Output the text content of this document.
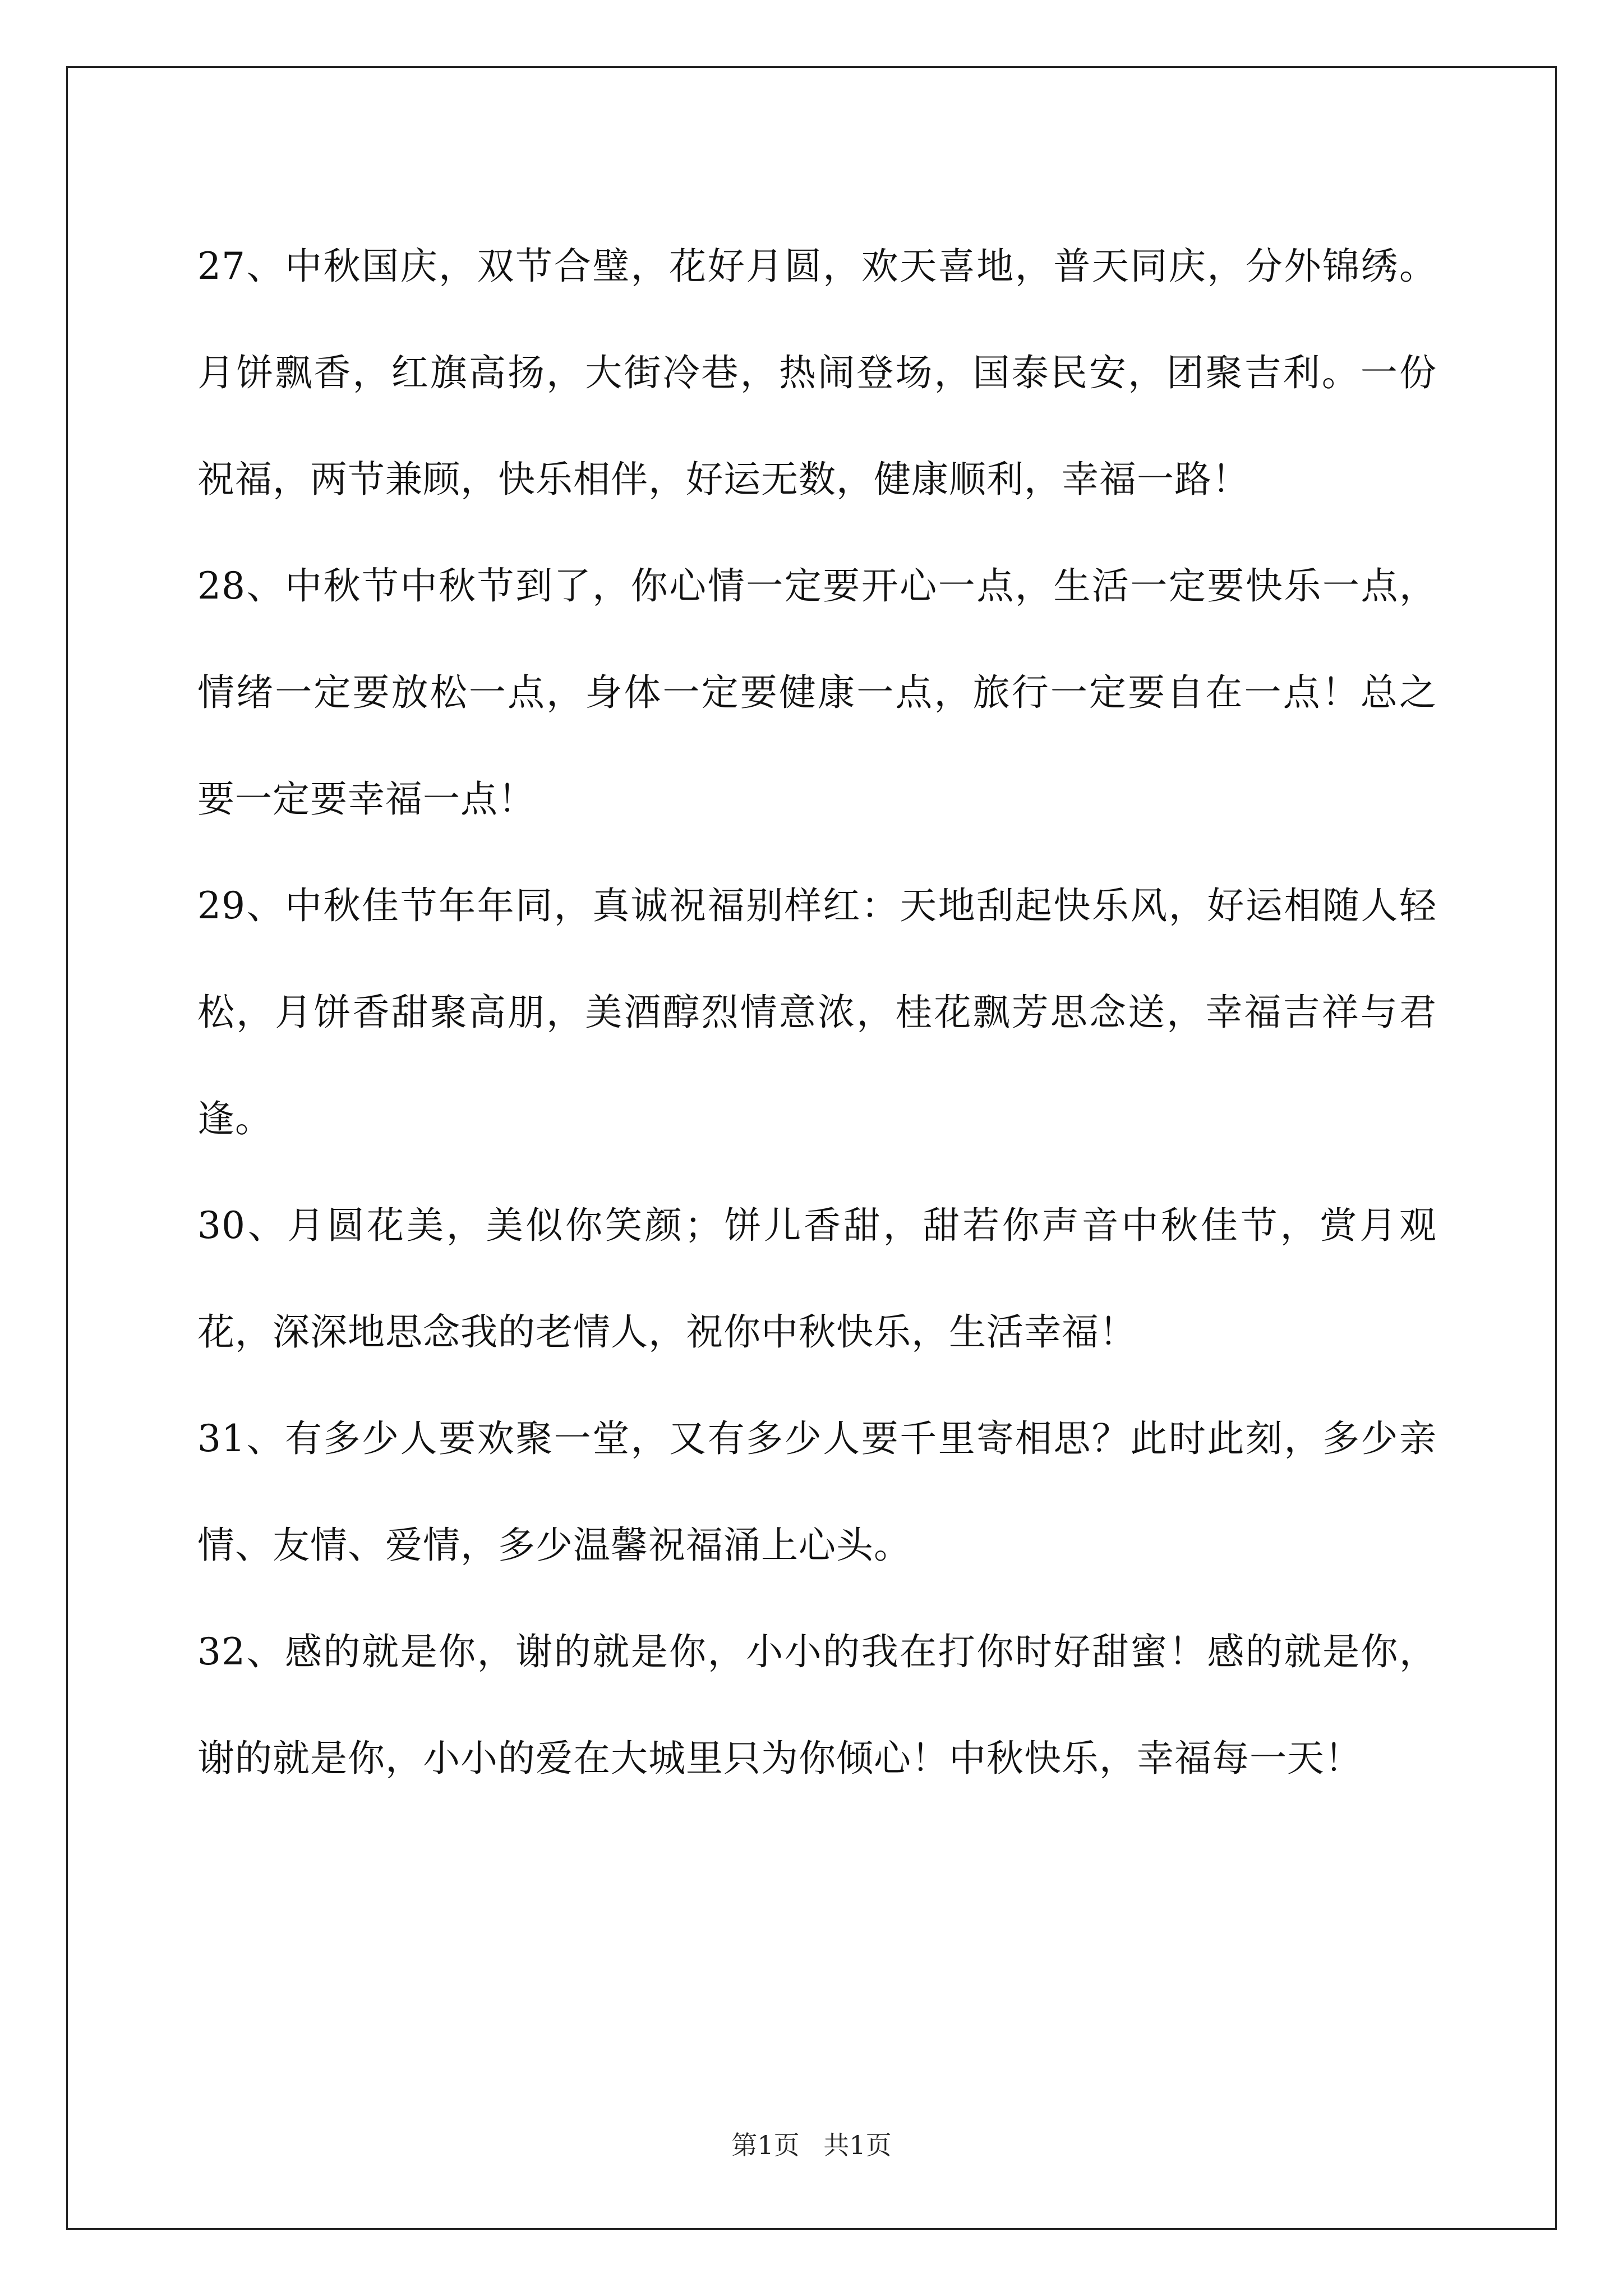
27、中秋国庆，双节合璧，花好月圆，欢天喜地，普天同庆，分外锦绣。月饼飘香，红旗高扬，大街冷巷，热闹登场，国泰民安，团聚吉利。一份祝福，两节兼顾，快乐相伴，好运无数，健康顺利，幸福一路！

28、中秋节中秋节到了，你心情一定要开心一点，生活一定要快乐一点，情绪一定要放松一点，身体一定要健康一点，旅行一定要自在一点！总之要一定要幸福一点！

29、中秋佳节年年同，真诚祝福别样红：天地刮起快乐风，好运相随人轻松，月饼香甜聚高朋，美酒醇烈情意浓，桂花飘芳思念送，幸福吉祥与君逢。

30、月圆花美，美似你笑颜；饼儿香甜，甜若你声音中秋佳节，赏月观花，深深地思念我的老情人，祝你中秋快乐，生活幸福！

31、有多少人要欢聚一堂，又有多少人要千里寄相思？此时此刻，多少亲情、友情、爱情，多少温馨祝福涌上心头。

32、感的就是你，谢的就是你，小小的我在打你时好甜蜜！感的就是你，谢的就是你，小小的爱在大城里只为你倾心！中秋快乐，幸福每一天！

第1页 共1页
